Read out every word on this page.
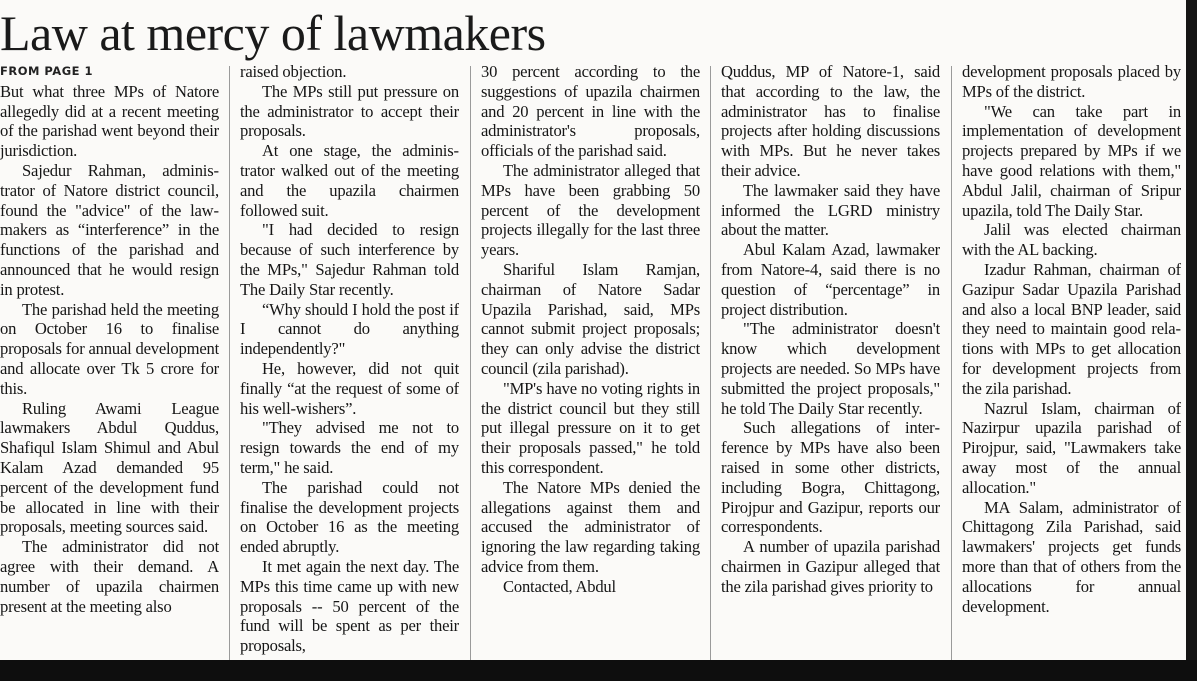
Law at mercy of lawmakers
FROM PAGE 1

But what three MPs of Natore allegedly did at a recent meeting of the parishad went beyond their jurisdiction.

Sajedur Rahman, administrator of Natore district council, found the "advice" of the lawmakers as “interference” in the functions of the parishad and announced that he would resign in protest.

The parishad held the meeting on October 16 to finalise proposals for annual development and allocate over Tk 5 crore for this.

Ruling Awami League lawmakers Abdul Quddus, Shafiqul Islam Shimul and Abul Kalam Azad demanded 95 percent of the development fund be allocated in line with their proposals, meeting sources said.

The administrator did not agree with their demand. A number of upazila chairmen present at the meeting also

raised objection.

The MPs still put pressure on the administrator to accept their proposals.

At one stage, the administrator walked out of the meeting and the upazila chairmen followed suit.

"I had decided to resign because of such interference by the MPs," Sajedur Rahman told The Daily Star recently.

“Why should I hold the post if I cannot do anything independently?"

He, however, did not quit finally “at the request of some of his well-wishers”.

"They advised me not to resign towards the end of my term," he said.

The parishad could not finalise the development projects on October 16 as the meeting ended abruptly.

It met again the next day. The MPs this time came up with new proposals -- 50 percent of the fund will be spent as per their proposals,

30 percent according to the suggestions of upazila chairmen and 20 percent in line with the administrator's proposals, officials of the parishad said.

The administrator alleged that MPs have been grabbing 50 percent of the development projects illegally for the last three years.

Shariful Islam Ramjan, chairman of Natore Sadar Upazila Parishad, said, MPs cannot submit project proposals; they can only advise the district council (zila parishad).

"MP's have no voting rights in the district council but they still put illegal pressure on it to get their proposals passed," he told this correspondent.

The Natore MPs denied the allegations against them and accused the administrator of ignoring the law regarding taking advice from them.

Contacted, Abdul

Quddus, MP of Natore-1, said that according to the law, the administrator has to finalise projects after holding discussions with MPs. But he never takes their advice.

The lawmaker said they have informed the LGRD ministry about the matter.

Abul Kalam Azad, lawmaker from Natore-4, said there is no question of “percentage” in project distribution.

"The administrator doesn't know which development projects are needed. So MPs have submitted the project proposals," he told The Daily Star recently.

Such allegations of interference by MPs have also been raised in some other districts, including Bogra, Chittagong, Pirojpur and Gazipur, reports our correspondents.

A number of upazila parishad chairmen in Gazipur alleged that the zila parishad gives priority to

development proposals placed by MPs of the district.

"We can take part in implementation of development projects prepared by MPs if we have good relations with them," Abdul Jalil, chairman of Sripur upazila, told The Daily Star.

Jalil was elected chairman with the AL backing.

Izadur Rahman, chairman of Gazipur Sadar Upazila Parishad and also a local BNP leader, said they need to maintain good relations with MPs to get allocation for development projects from the zila parishad.

Nazrul Islam, chairman of Nazirpur upazila parishad of Pirojpur, said, "Lawmakers take away most of the annual allocation."

MA Salam, administrator of Chittagong Zila Parishad, said lawmakers' projects get funds more than that of others from the allocations for annual development.
